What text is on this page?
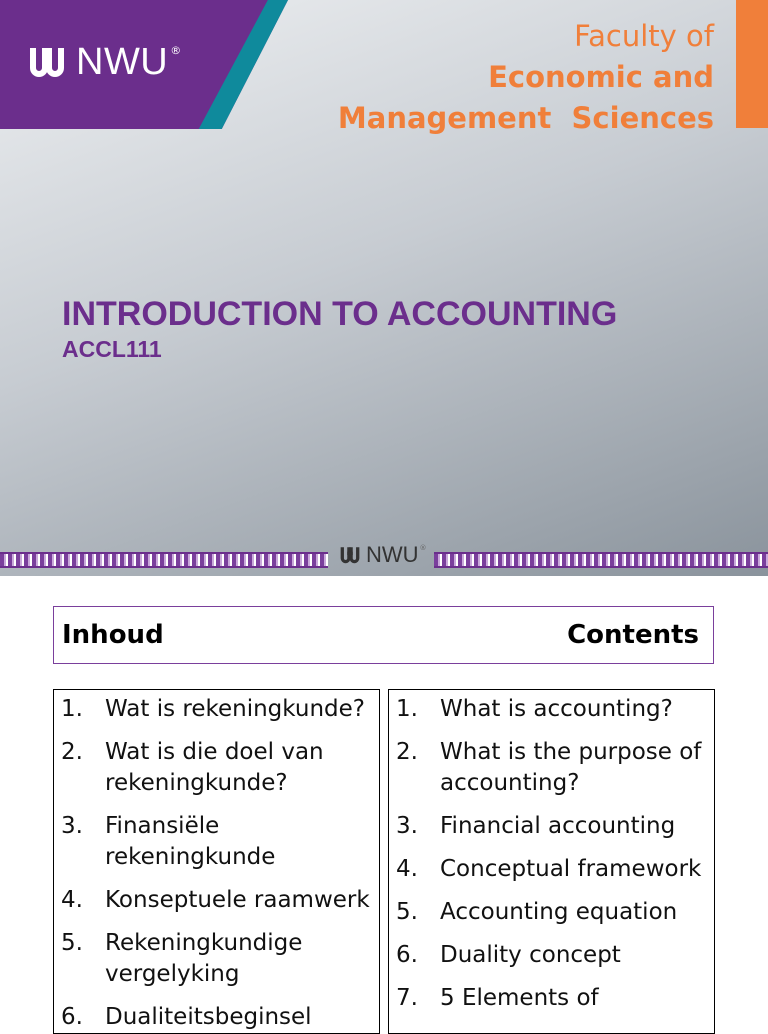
NWU ®	Faculty of
Economic and
Management  Sciences
INTRODUCTION TO ACCOUNTING
ACCL111
NWU ®
Inhoud	Contents
1. Wat is rekeningkunde?
2. Wat is die doel van rekeningkunde?
3. Finansiële rekeningkunde
4. Konseptuele raamwerk
5. Rekeningkundige vergelyking
6. Dualiteitsbeginsel
1. What is accounting?
2. What is the purpose of accounting?
3. Financial accounting
4. Conceptual framework
5. Accounting equation
6. Duality concept
7. 5 Elements of
